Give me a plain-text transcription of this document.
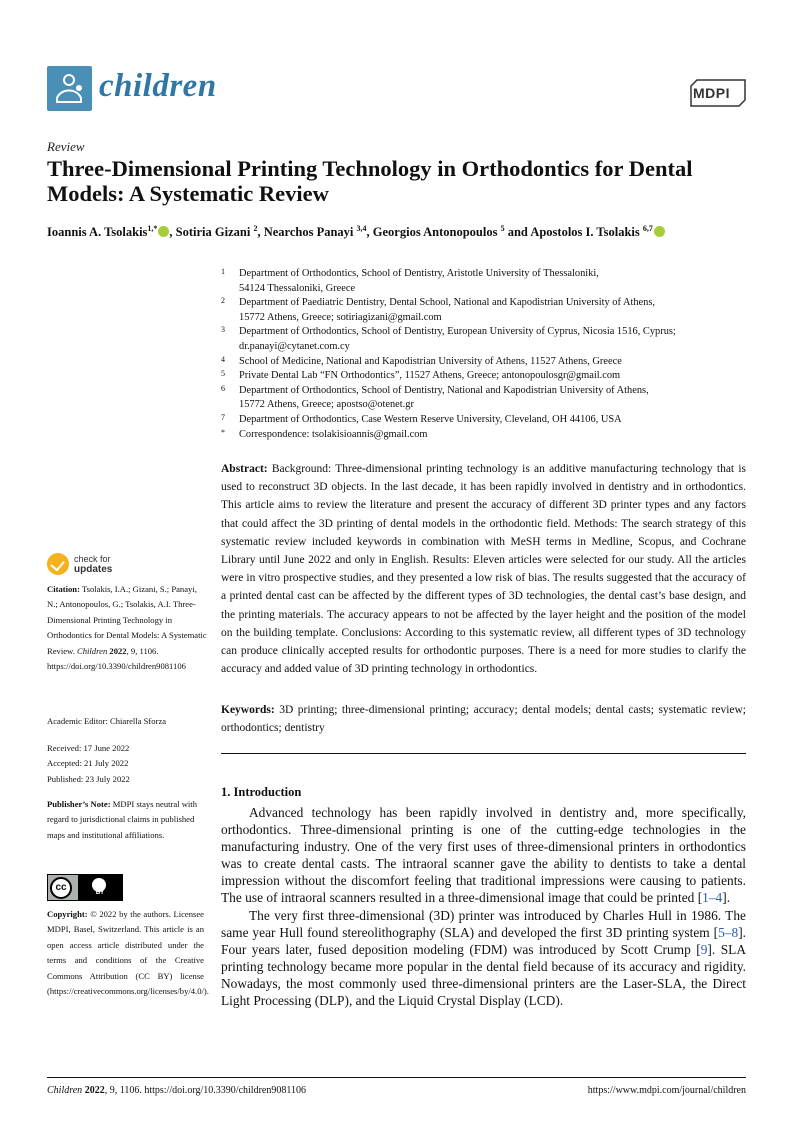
children	MDPI
Review
Three-Dimensional Printing Technology in Orthodontics for Dental Models: A Systematic Review
Ioannis A. Tsolakis$^{1,*}$ , Sotiria Gizani $^2$, Nearchos Panayi $^{3,4}$, Georgios Antonopoulos $^5$ and Apostolos I. Tsolakis $^{6,7}$
1 Department of Orthodontics, School of Dentistry, Aristotle University of Thessaloniki,
54124 Thessaloniki, Greece
2 Department of Paediatric Dentistry, Dental School, National and Kapodistrian University of Athens,
15772 Athens, Greece; sotiriagizani@gmail.com
3 Department of Orthodontics, School of Dentistry, European University of Cyprus, Nicosia 1516, Cyprus;
dr.panayi@cytanet.com.cy
4 School of Medicine, National and Kapodistrian University of Athens, 11527 Athens, Greece
5 Private Dental Lab “FN Orthodontics”, 11527 Athens, Greece; antonopoulosgr@gmail.com
6 Department of Orthodontics, School of Dentistry, National and Kapodistrian University of Athens,
15772 Athens, Greece; apostso@otenet.gr
7 Department of Orthodontics, Case Western Reserve University, Cleveland, OH 44106, USA
* Correspondence: tsolakisioannis@gmail.com
Abstract: Background: Three-dimensional printing technology is an additive manufacturing technology that is used to reconstruct 3D objects. In the last decade, it has been rapidly involved in dentistry and in orthodontics. This article aims to review the literature and present the accuracy of different 3D printer types and any factors that could affect the 3D printing of dental models in the orthodontic field. Methods: The search strategy of this systematic review included keywords in combination with MeSH terms in Medline, Scopus, and Cochrane Library until June 2022 and only in English. Results: Eleven articles were selected for our study. All the articles were in vitro prospective studies, and they presented a low risk of bias. The results suggested that the accuracy of a printed dental cast can be affected by the different types of 3D technologies, the dental cast’s base design, and the printing materials. The accuracy appears to not be affected by the layer height and the position of the model on the building template. Conclusions: According to this systematic review, all different types of 3D technology can produce clinically accepted results for orthodontic purposes. There is a need for more studies to clarify the accuracy and added value of 3D printing technology in orthodontics.
Keywords: 3D printing; three-dimensional printing; accuracy; dental models; dental casts; systematic review; orthodontics; dentistry
check for
updates
Citation: Tsolakis, I.A.; Gizani, S.; Panayi, N.; Antonopoulos, G.; Tsolakis, A.I. Three-Dimensional Printing Technology in Orthodontics for Dental Models: A Systematic Review. Children 2022, 9, 1106. https://doi.org/10.3390/children9081106
Academic Editor: Chiarella Sforza
Received: 17 June 2022
Accepted: 21 July 2022
Published: 23 July 2022
Publisher’s Note: MDPI stays neutral with regard to jurisdictional claims in published maps and institutional affiliations.
cc	BY
Copyright: © 2022 by the authors. Licensee MDPI, Basel, Switzerland. This article is an open access article distributed under the terms and conditions of the Creative Commons Attribution (CC BY) license (https://creativecommons.org/licenses/by/4.0/).
1. Introduction

Advanced technology has been rapidly involved in dentistry and, more specifically, orthodontics. Three-dimensional printing is one of the cutting-edge technologies in the manufacturing industry. One of the very first uses of three-dimensional printers in orthodontics was to create dental casts. The intraoral scanner gave the ability to dentists to take a dental impression without the discomfort feeling that traditional impressions were causing to patients. The use of intraoral scanners resulted in a three-dimensional image that could be printed [1–4].

The very first three-dimensional (3D) printer was introduced by Charles Hull in 1986. The same year Hull found stereolithography (SLA) and developed the first 3D printing system [5–8]. Four years later, fused deposition modeling (FDM) was introduced by Scott Crump [9]. SLA printing technology became more popular in the dental field because of its accuracy and rigidity. Nowadays, the most commonly used three-dimensional printers are the Laser-SLA, the Direct Light Processing (DLP), and the Liquid Crystal Display (LCD).

Children 2022, 9, 1106. https://doi.org/10.3390/children9081106	https://www.mdpi.com/journal/children
